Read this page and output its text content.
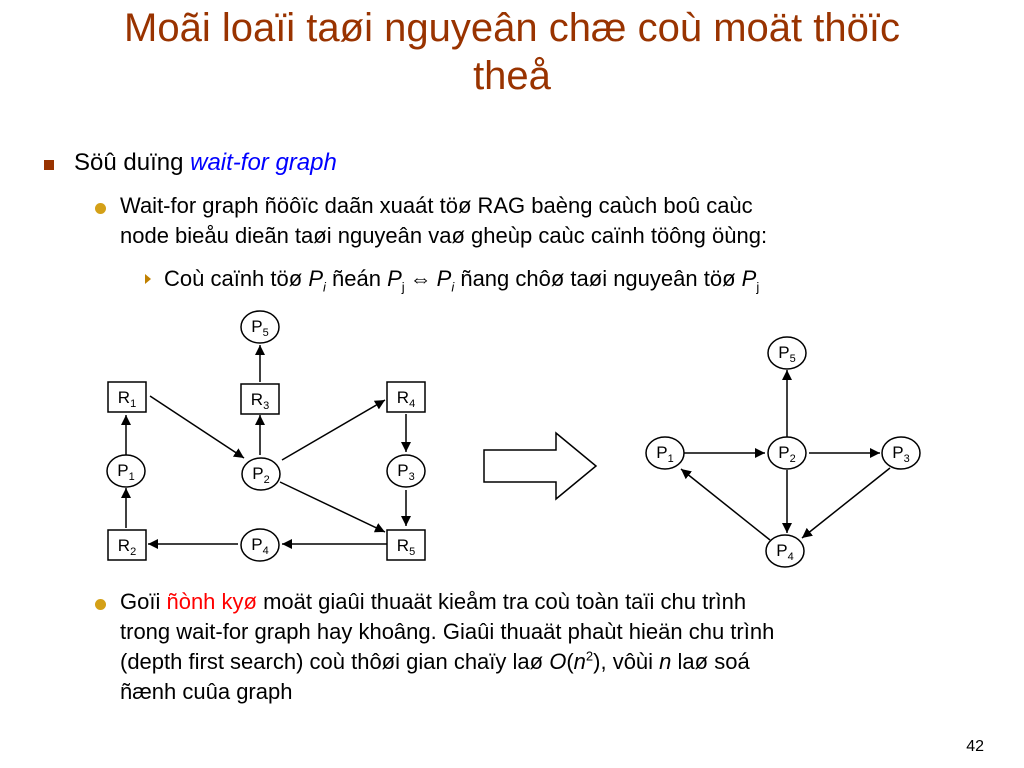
Moãi loaïi taøi nguyeân chæ coù moät thöïc
theå
Söû duïng wait-for graph
Wait-for graph ñöôïc daãn xuaát töø RAG baèng caùch boû caùc
node bieåu dieãn taøi nguyeân vaø gheùp caùc caïnh töông öùng:
Coù caïnh töø $P_i$ ñeán $P_j$ ⇔ $P_i$ ñang chôø taøi nguyeân töø $P_j$
$R_1$
$P_1$
$R_2$
$P_5$
$R_3$
$P_2$
$P_4$
$R_4$
$P_3$
$R_5$
$P_5$
$P_1$	$P_2$	$P_3$
$P_4$
Goïi ñònh kyø moät giaûi thuaät kieåm tra coù toàn taïi chu trình
trong wait-for graph hay khoâng. Giaûi thuaät phaùt hieän chu trình
(depth first search) coù thôøi gian chaïy laø $O(n^2)$, vôùi n laø soá
ñænh cuûa graph
42
